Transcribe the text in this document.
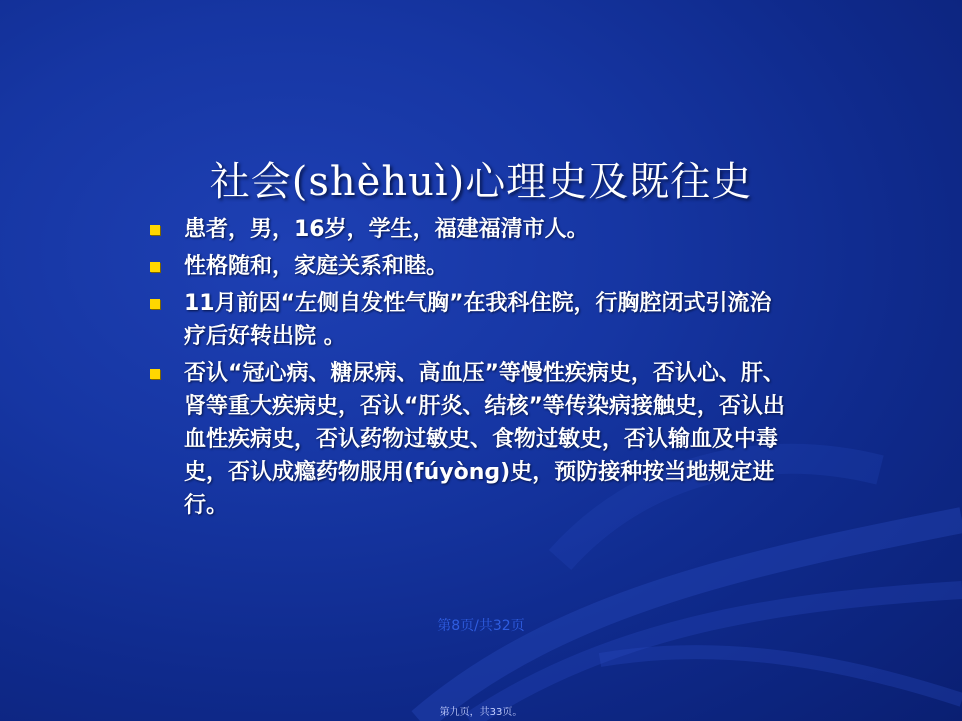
社会(shèhuì)心理史及既往史
患者，男，16岁，学生，福建福清市人。
性格随和，家庭关系和睦。
11月前因“左侧自发性气胸”在我科住院，行胸腔闭式引流治疗后好转出院 。
否认“冠心病、糖尿病、高血压”等慢性疾病史，否认心、肝、肾等重大疾病史，否认“肝炎、结核”等传染病接触史，否认出血性疾病史，否认药物过敏史、食物过敏史，否认输血及中毒史，否认成瘾药物服用(fúyònɡ)史，预防接种按当地规定进行。
第8页/共32页
第九页，共33页。
